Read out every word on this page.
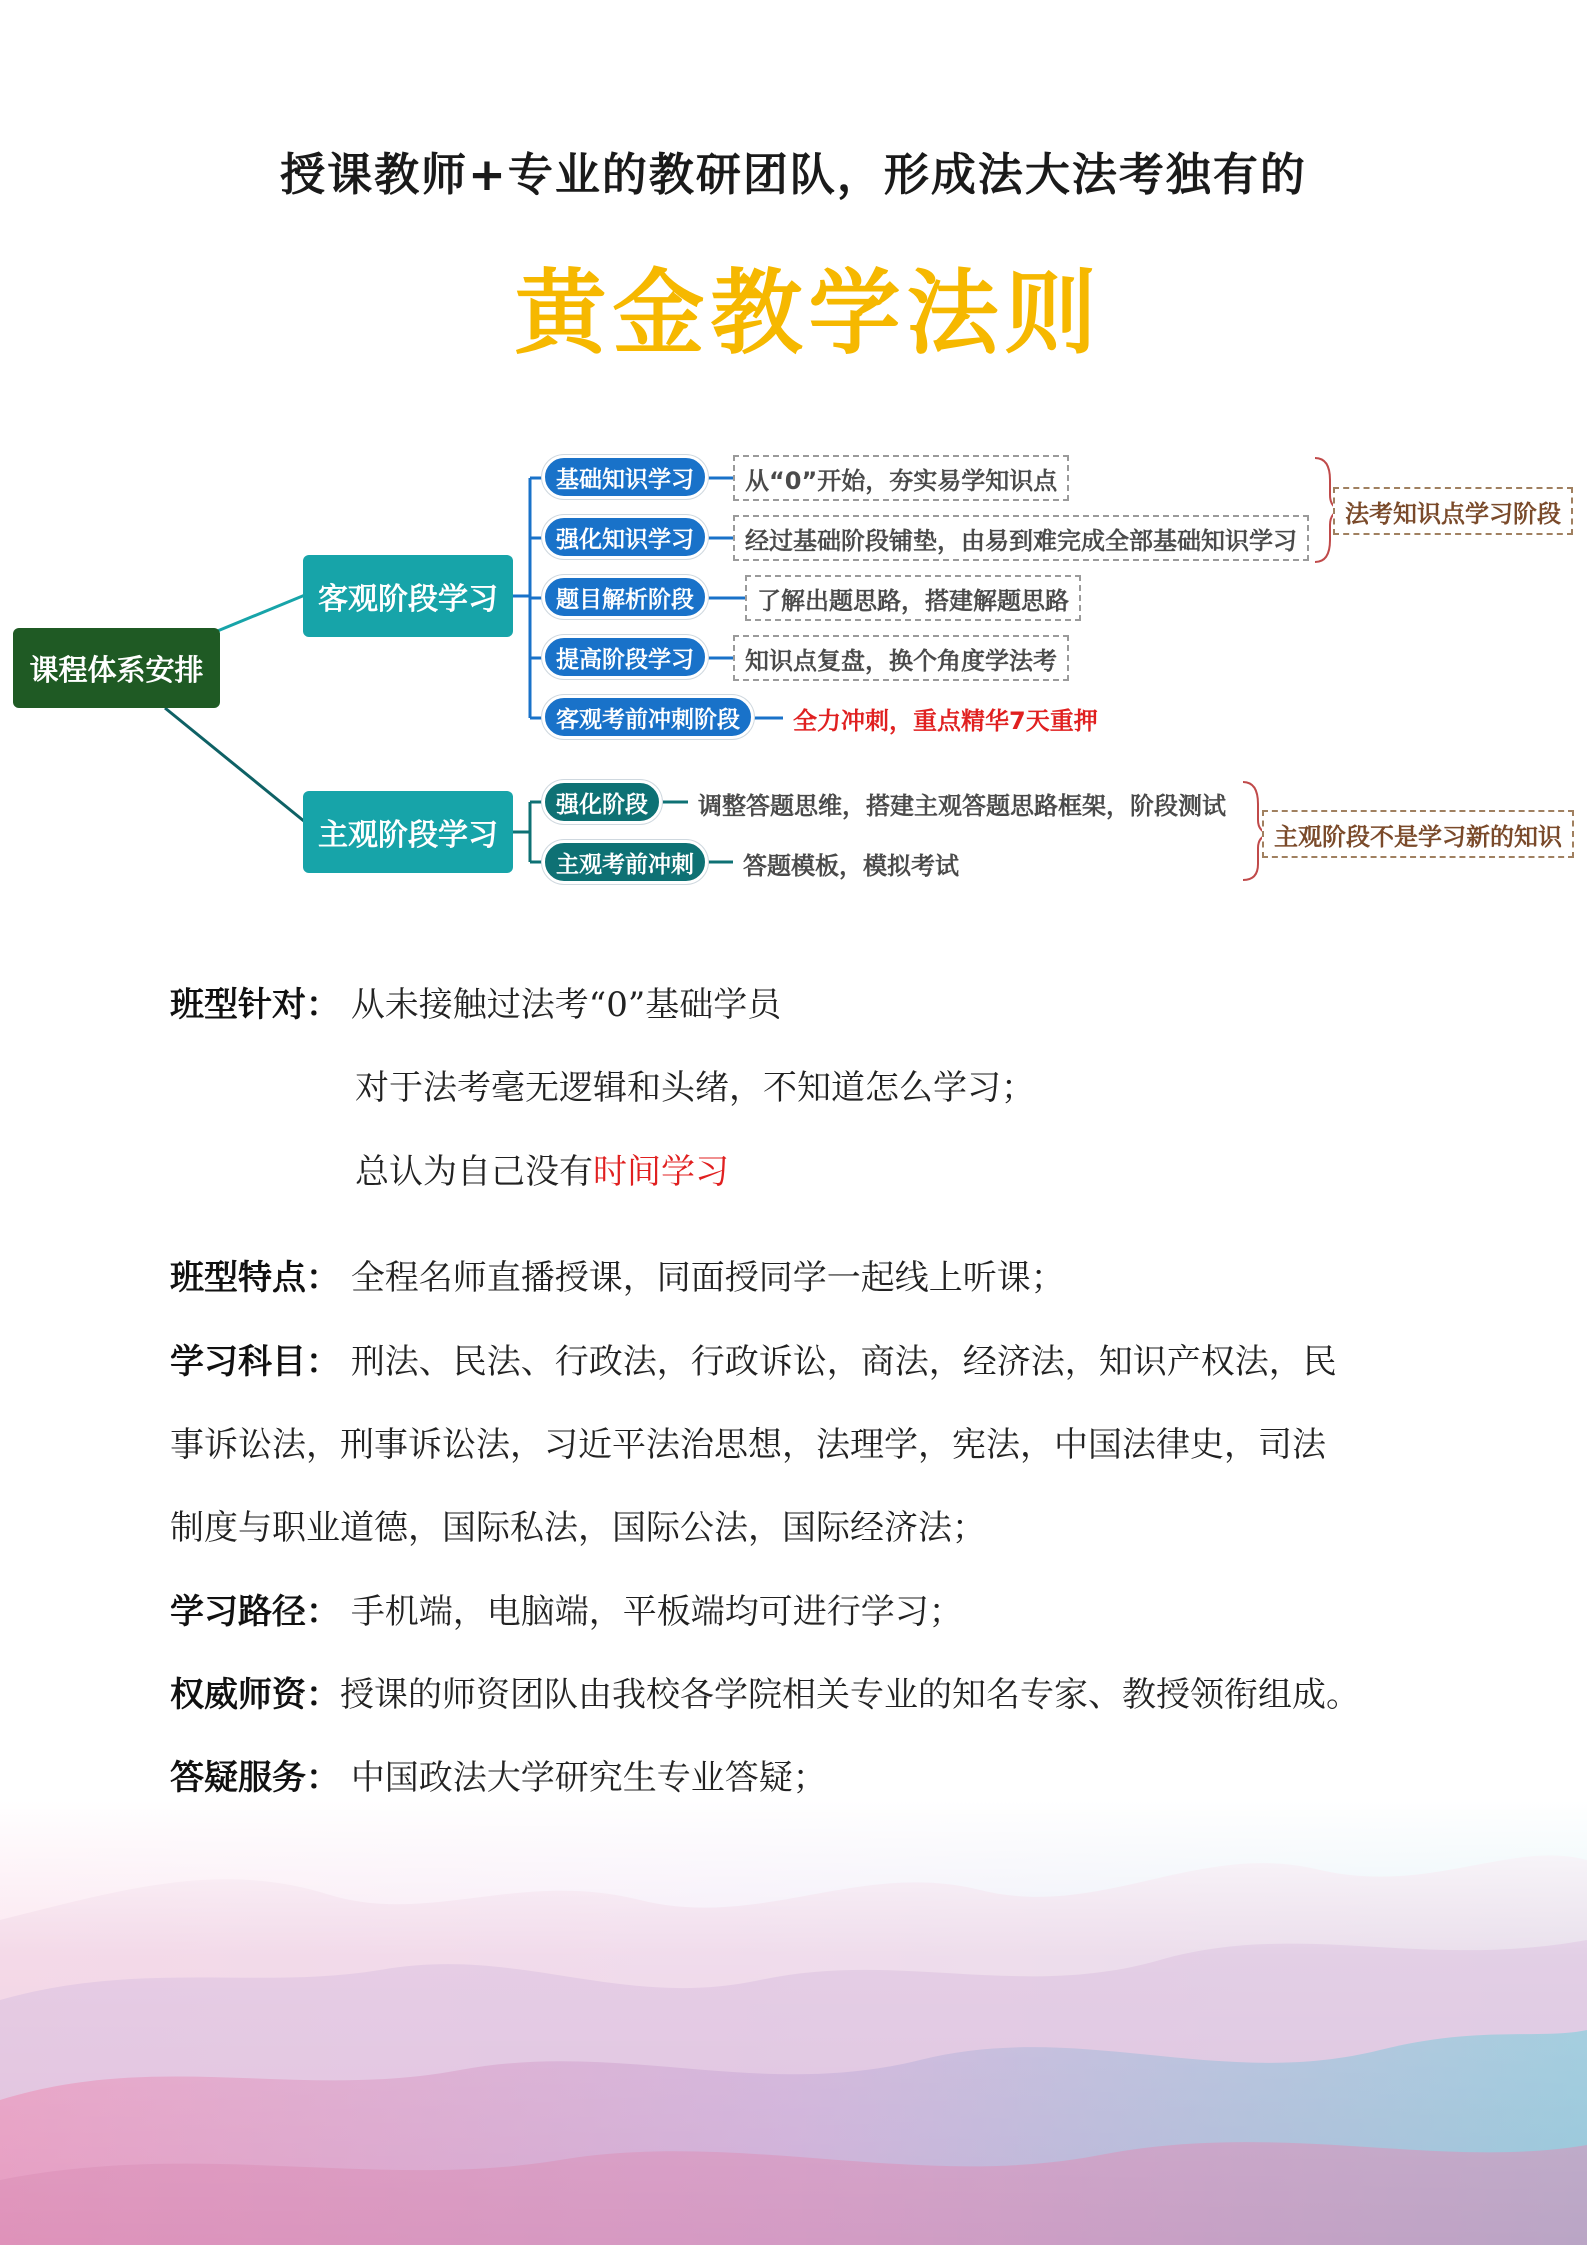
授课教师+专业的教研团队，形成法大法考独有的
黄金教学法则
课程体系安排
客观阶段学习
主观阶段学习
基础知识学习
强化知识学习
题目解析阶段
提高阶段学习
客观考前冲刺阶段
强化阶段
主观考前冲刺
从“0”开始，夯实易学知识点
经过基础阶段铺垫，由易到难完成全部基础知识学习
了解出题思路，搭建解题思路
知识点复盘，换个角度学法考
全力冲刺，重点精华7天重押
调整答题思维，搭建主观答题思路框架，阶段测试
答题模板，模拟考试
法考知识点学习阶段
主观阶段不是学习新的知识
班型针对： 从未接触过法考“0”基础学员
对于法考毫无逻辑和头绪，不知道怎么学习；
总认为自己没有时间学习
班型特点： 全程名师直播授课，同面授同学一起线上听课；
学习科目： 刑法、民法、行政法，行政诉讼，商法，经济法，知识产权法，民
事诉讼法，刑事诉讼法，习近平法治思想，法理学，宪法，中国法律史，司法
制度与职业道德，国际私法，国际公法，国际经济法；
学习路径： 手机端，电脑端，平板端均可进行学习；
权威师资：授课的师资团队由我校各学院相关专业的知名专家、教授领衔组成。
答疑服务： 中国政法大学研究生专业答疑；
